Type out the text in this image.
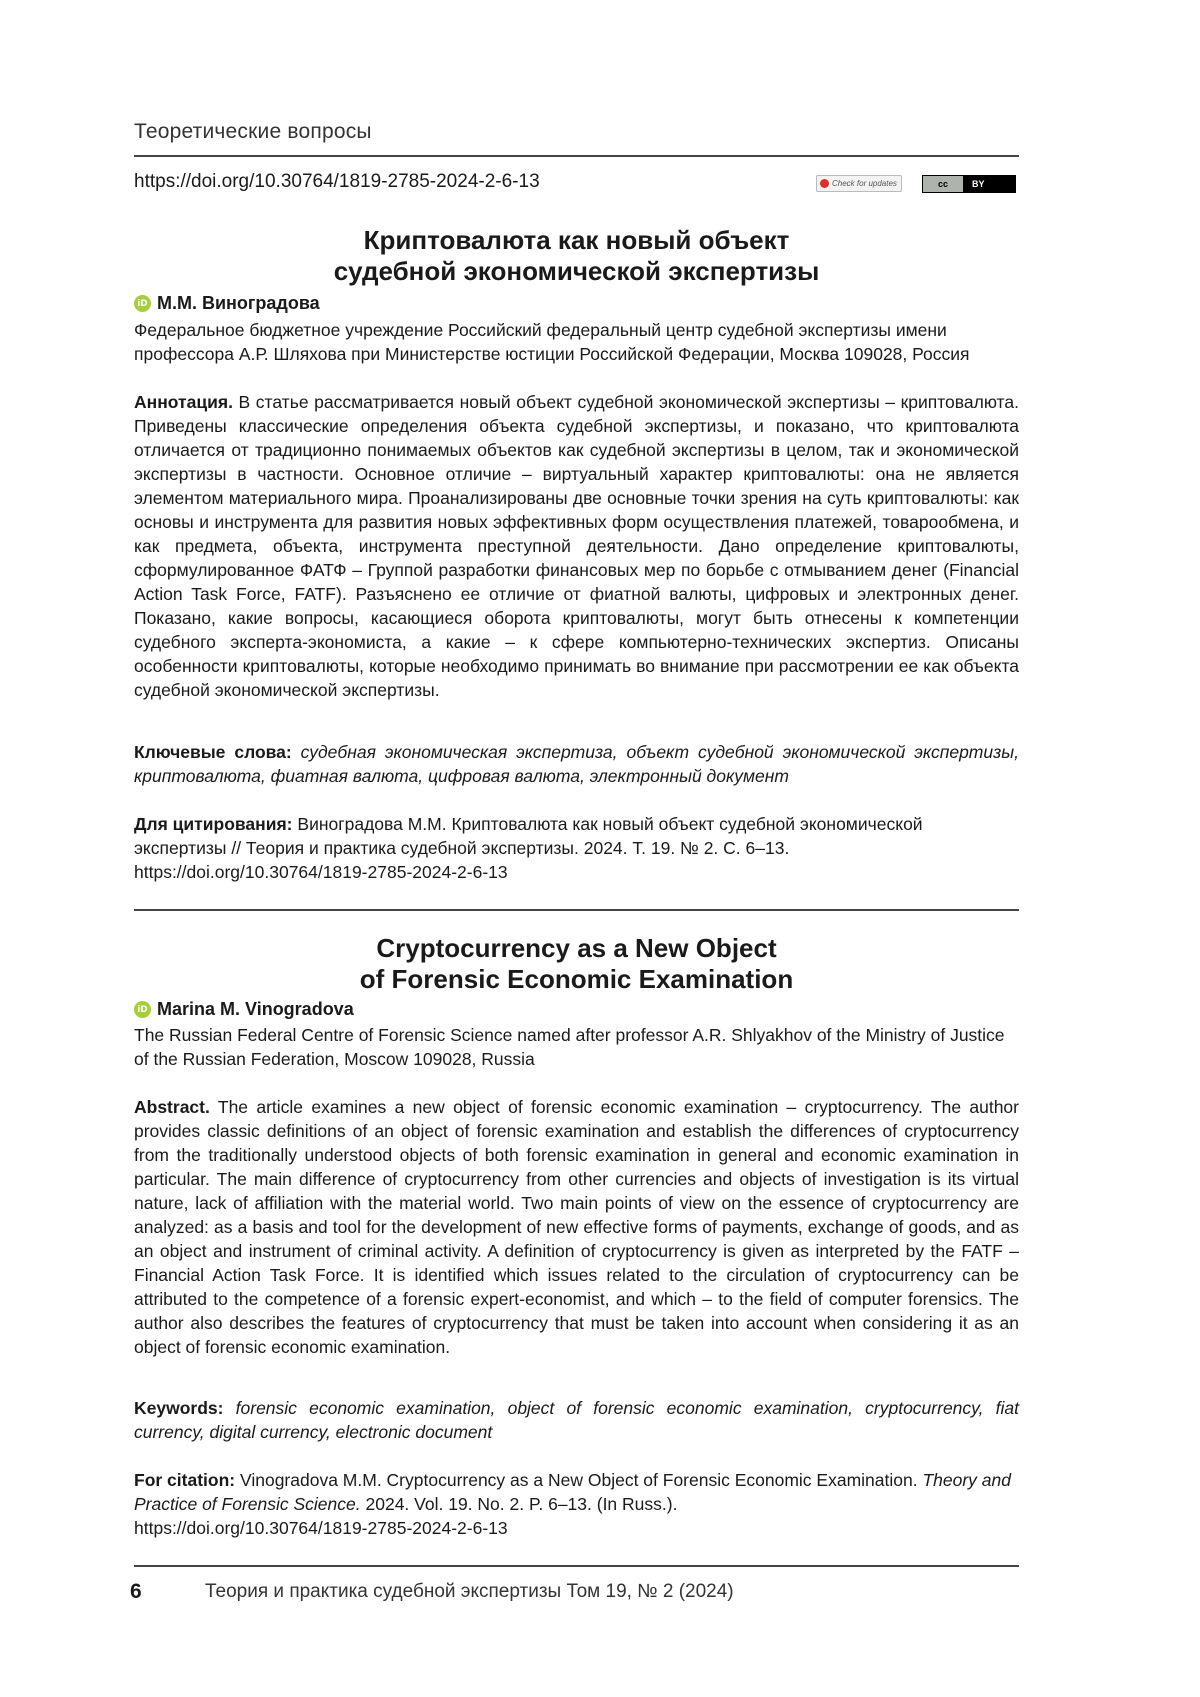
Теоретические вопросы
https://doi.org/10.30764/1819-2785-2024-2-6-13	Check for updates	cc	BY
Криптовалюта как новый объект
судебной экономической экспертизы
iD М.М. Виноградова
Федеральное бюджетное учреждение Российский федеральный центр судебной экспертизы имени профессора А.Р. Шляхова при Министерстве юстиции Российской Федерации, Москва 109028, Россия
Аннотация. В статье рассматривается новый объект судебной экономической экспертизы – криптовалюта. Приведены классические определения объекта судебной экспертизы, и показано, что криптовалюта отличается от традиционно понимаемых объектов как судебной экспертизы в целом, так и экономической экспертизы в частности. Основное отличие – виртуальный характер криптовалюты: она не является элементом материального мира. Проанализированы две основные точки зрения на суть криптовалюты: как основы и инструмента для развития новых эффективных форм осуществления платежей, товарообмена, и как предмета, объекта, инструмента преступной деятельности. Дано определение криптовалюты, сформулированное ФАТФ – Группой разработки финансовых мер по борьбе с отмыванием денег (Financial Action Task Force, FATF). Разъяснено ее отличие от фиатной валюты, цифровых и электронных денег. Показано, какие вопросы, касающиеся оборота криптовалюты, могут быть отнесены к компетенции судебного эксперта-экономиста, а какие – к сфере компьютерно-технических экспертиз. Описаны особенности криптовалюты, которые необходимо принимать во внимание при рассмотрении ее как объекта судебной экономической экспертизы.
Ключевые слова: судебная экономическая экспертиза, объект судебной экономической экспертизы, криптовалюта, фиатная валюта, цифровая валюта, электронный документ
Для цитирования: Виноградова М.М. Криптовалюта как новый объект судебной экономической экспертизы // Теория и практика судебной экспертизы. 2024. Т. 19. № 2. С. 6–13.
https://doi.org/10.30764/1819-2785-2024-2-6-13
Cryptocurrency as a New Object
of Forensic Economic Examination
iD Marina M. Vinogradova
The Russian Federal Centre of Forensic Science named after professor A.R. Shlyakhov of the Ministry of Justice of the Russian Federation, Moscow 109028, Russia
Abstract. The article examines a new object of forensic economic examination – cryptocurrency. The author provides classic definitions of an object of forensic examination and establish the differences of cryptocurrency from the traditionally understood objects of both forensic examination in general and economic examination in particular. The main difference of cryptocurrency from other currencies and objects of investigation is its virtual nature, lack of affiliation with the material world. Two main points of view on the essence of cryptocurrency are analyzed: as a basis and tool for the development of new effective forms of payments, exchange of goods, and as an object and instrument of criminal activity. A definition of cryptocurrency is given as interpreted by the FATF – Financial Action Task Force. It is identified which issues related to the circulation of cryptocurrency can be attributed to the competence of a forensic expert-economist, and which – to the field of computer forensics. The author also describes the features of cryptocurrency that must be taken into account when considering it as an object of forensic economic examination.
Keywords: forensic economic examination, object of forensic economic examination, cryptocurrency, fiat currency, digital currency, electronic document
For citation: Vinogradova M.M. Cryptocurrency as a New Object of Forensic Economic Examination. Theory and Practice of Forensic Science. 2024. Vol. 19. No. 2. P. 6–13. (In Russ.).
https://doi.org/10.30764/1819-2785-2024-2-6-13
6	Теория и практика судебной экспертизы Том 19, № 2 (2024)
